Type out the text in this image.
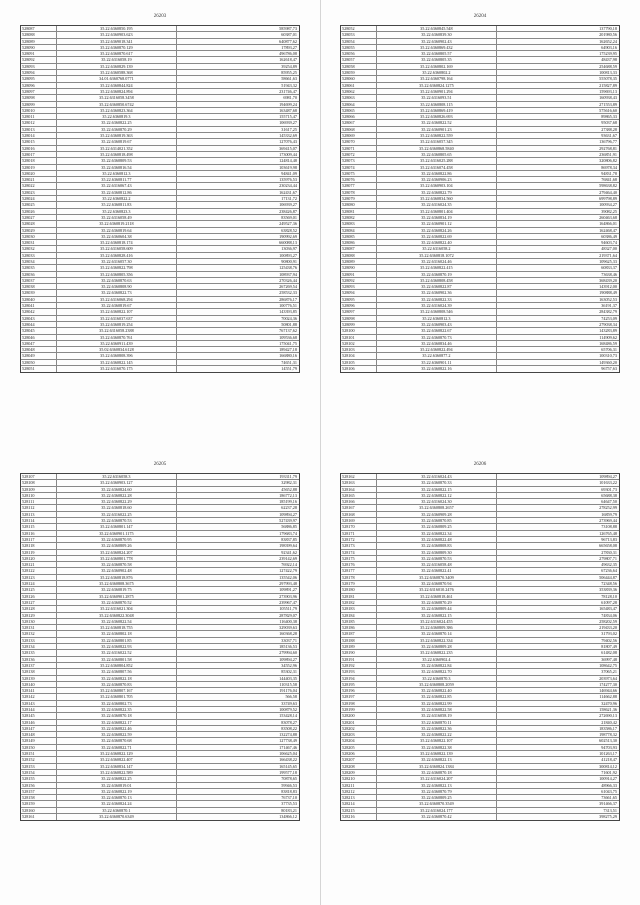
26203
528087	35.22.6360850.195	585987,73
528088	35.22.6360903.623	60387,01
528089	35.22.6369018.341	640877,62
528090	35.22.6360870.129	17893,27
528091	35.22.6360870.617	496786,08
528092	35.22.6316058.19	162618,47
528093	35.22.6360829.139	39254,89
528094	35.22.6360588.368	85955,25
528095	34.01.6360768.0771	58661,63
528096	35.22.6360844.824	51943,32
528097	35.22.6360824.894	231746,47
528098	35.22.6316058.3458	6981,70
528099	35.22.6360850.6742	194699,24
528010	35.22.6360823.364	163487,68
528011	35.22.6360819.3	155715,47
528012	35.22.6360822.25	106939,27
528013	35.22.6360870.29	31617,25
528014	35.22.6360819.363	145332,69
528015	35.22.6360819.67	127076,43
528016	35.22.6314021.352	369415,07
528017	35.22.6360818.498	173009,44
528018	35.22.6360809.53	124814,48
528019	35.22.6360816.54	103619,98
528020	35.22.6360812.3	94841,09
528021	35.22.6360811.77	135976,53
528022	35.22.6316067.43	230234,44
528023	35.22.6360812.86	162431,67
528024	35.22.6360822.2	17131,72
528025	35.22.6360811.83	106939,27
528026	35.22.6360823.3	238426,87
528027	35.22.6316058.49	83569,01
528028	35.22.6360819.2118	249527,36
528029	35.22.6360819.64	63828,52
528030	35.22.6360604.38	190992,69
528031	35.22.6360818.174	660088,13
528032	35.22.6316058.609	13036,97
528033	35.22.6360828.416	100893,27
528034	35.22.6316057.30	90800,91
528035	35.22.6360822.798	125438,76
528036	35.22.6360805.356	108937,94
528037	35.22.6360870.63	270326,44
528038	35.22.6360808.90	267269,54
528039	35.22.6360822.73	258532,33
528040	35.22.6316068.294	286876,17
528041	35.22.6360819.67	100776,51
528042	35.22.6360822.107	143393,85
528043	35.22.6316037.637	70024,36
528044	35.22.6360819.254	50801,88
528045	35.22.6316058.2388	767137,62
528046	35.22.6360870.761	109536,68
528047	35.22.6360911.439	175041,75
528048	35.02.6360834.6128	189427,18
528049	35.22.6360808.396	166880,16
528050	35.22.6360822.145	74651,31
528051	35.22.6316070.175	14551,79
26204
528052	35.22.6360845.548	137790,18
528053	35.22.6360839.30	201980,56
528054	35.22.6360902.43	162652,24
528055	35.22.6360869.432	64903,16
528056	35.22.6360805.57	175239,95
528057	35.22.6360805.35	48437,98
528058	35.22.6360802.169	254688,59
528059	35.22.6360802.2	100813,33
528060	35.22.6360798.164	555078,35
528061	35.22.6360824.1275	215827,89
528062	35.22.6360901.294	159693,13
528063	35.22.6316093.51	160938,43
528064	35.22.6360808.115	271553,89
528065	35.22.6360869.419	575616,60
528066	35.22.6360826.693	89865,33
528067	35.22.6360822.52	95037,68
528068	35.22.6360901.23	27388,28
528069	35.22.6360822.559	93631,67
528070	35.22.6316057.345	136796,77
528071	35.22.6360868.5840	292768,81
528072	35.22.6360805.65	236851,91
528073	35.22.6316025.288	320806,82
528074	35.22.6316074.458	86978,34
528075	35.22.6360822.86	94831,78
528076	35.22.6360906.23	76841,68
528077	35.22.6360903.104	598638,82
528078	35.22.6360822.79	279464,40
528079	35.22.6360834.560	699798,89
528080	35.22.6316024.35	100934,27
528081	35.22.6360801.404	39082,25
528082	35.22.6360834.19	260463,68
528083	35.22.6360901.12	164866,01
528084	35.22.6360824.26	162468,47
528085	35.22.6360822.69	60386,49
528086	35.22.6360822.40	94603,74
528087	35.22.6316058.2	48327,00
528088	35.22.6360818.1072	219371,64
528089	35.22.6316024.46	109625,33
528090	35.22.6360822.415	60833,37
528091	35.22.6360870.19	73638,46
528092	35.22.6360808.458	368439,20
528093	35.22.6360822.87	143912,00
528094	35.22.6360902.36	190888,49
528095	35.22.6360822.33	163052,53
528096	35.22.6316024.39	36191,37
528097	35.22.6360808.546	284382,79
528098	35.22.6360812.3	74253,09
528099	35.22.6360903.43	279038,34
528100	35.22.6360822.67	143283,89
528101	35.22.6360870.73	114909,62
528102	35.22.6360834.46	168486,59
528103	35.22.6360822.494	65706,31
528104	35.22.6360877.2	100310,73
528105	35.22.6360901.11	149360,20
528106	35.22.6360822.16	96757,63
26205
528107	35.22.6316058.3	193311,79
528108	35.22.6360903.127	32982,31
528109	35.22.6360824.60	45652,88
528110	35.22.6360822.28	186772,13
528111	35.22.6360822.29	185199,16
528112	35.22.6360818.60	62237,28
528113	35.22.6316022.25	109894,27
528114	35.22.6360870.53	527439,97
528115	35.22.6360801.147	56886,85
528116	35.22.6360901.1175	179683,74
528117	35.22.6360870.95	83837,85
528118	35.22.6360809.26	198399,64
528119	35.22.6360824.207	92341,62
528120	35.22.6360801.778	239142,69
528121	35.22.6360870.58	76922,14
528122	35.22.6360902.48	127422,79
528123	35.22.6360818.876	135542,06
528124	35.22.6360808.3675	297993,48
528125	35.22.6360819.75	109891,27
528126	35.22.6360901.2875	273903,96
528127	35.22.6360870.52	239967,47
528128	35.22.6316021.304	105511,79
528129	35.22.6360822.3048	287829,07
528130	35.22.6360822.54	116400,38
528131	35.22.6360818.755	329039,63
528132	35.22.6360802.18	160368,28
528133	35.22.6360801.85	33037,71
528134	35.22.6360822.93	185136,53
528135	35.22.6316022.52	279994,60
528136	35.22.6360801.58	109894,27
528137	35.22.6360804.852	34552,96
528138	35.22.6360807.56	85302,31
528139	35.22.6360822.18	144403,35
528140	35.22.6360870.83	110315,58
528141	35.22.6360807.167	191176,04
528142	35.22.6360801.705	566,58
528143	35.22.6360802.73	33749,63
528144	35.22.6360822.35	100879,52
528145	35.22.6360870.18	153428,14
528146	35.22.6360822.17	83078,27
528147	35.22.6360822.46	83508,22
528148	35.22.6360822.59	132274,88
528149	35.22.6360870.68	127738,49
528150	35.22.6360822.71	171467,46
528151	35.22.6360822.129	106625,04
528152	35.22.6360822.407	166438,22
528153	35.22.6360834.147	165145,65
528154	35.22.6360822.589	199577,18
528155	35.22.6360822.25	70878,65
528156	35.22.6360819.01	59946,53
528157	35.22.6360822.19	83818,83
528158	35.22.6360870.13	76737,10
528159	35.22.6360824.24	37735,53
528160	35.22.6360870.1	80183,21
528161	35.22.6360870.6349	134866,12
26206
528162	35.22.6316024.43	109894,27
528163	35.22.6360870.33	101633,22
528164	35.22.6360822.15	69301,73
528165	35.22.6360822.12	65688,38
528166	35.22.6316024.30	64647,50
528167	35.22.6360808.2657	278252,99
528168	35.22.6360909.28	16859,79
528169	35.22.6360870.85	273969,44
528170	35.22.6360809.25	73108,88
528171	35.22.6360822.34	126765,48
528172	35.22.6360822.48	96713,83
528173	35.22.6360808.83	665658,08
528174	35.22.6360809.30	27830,31
528175	35.22.6360870.53	279807,71
528176	35.22.6316058.48	49632,35
528177	35.22.6360822.41	67236,64
528178	35.22.6360870.3409	506444,87
528179	35.22.6360870.94	72348,56
528180	35.22.6316010.2476	353839,36
528181	35.22.6360818.461	78128,10
528182	35.22.6360870.29	61097,28
528183	35.22.6360809.44	165483,47
528184	35.22.6360822.15	74834,06
528185	35.22.6316024.455	258202,59
528186	35.22.6360809.386	219433,20
528187	35.22.6360870.14	31793,02
528188	35.22.6360822.334	79402,56
528189	35.22.6360809.28	81807,49
528190	35.22.6360822.235	61482,08
528191	35.22.6360902.4	36997,48
528192	35.22.6360822.84	108642,75
528193	35.22.6360822.70	37065,21
528194	35.22.6360870.3	203973,64
528195	35.22.6360808.2059	174277,30
528196	35.22.6360822.40	146944,66
528197	35.22.6360822.85	114662,88
528198	35.22.6360822.99	32470,96
528199	35.22.6360822.58	158621,36
528200	35.22.6316058.19	272690,13
528201	35.22.6360870.11	21840,42
528202	35.22.6360822.36	183586,17
528203	35.22.6360822.22	198778,32
528204	35.22.6360822.107	602513,30
528205	35.22.6360822.38	94703,93
528206	35.22.6360822.139	101263,17
528207	35.22.6360822.13	41218,47
528208	35.22.6360824.1384	300814,12
528209	35.22.6360870.18	71601,92
528210	35.22.6316024.207	100914,27
528211	35.22.6360822.13	48966,33
528212	35.22.6360870.79	61043,75
528213	35.22.6360809.25	73661,65
528214	35.22.6360870.3549	391466,37
528215	35.22.6316024.177	7313,51
528216	35.22.6360870.42	398275,29
